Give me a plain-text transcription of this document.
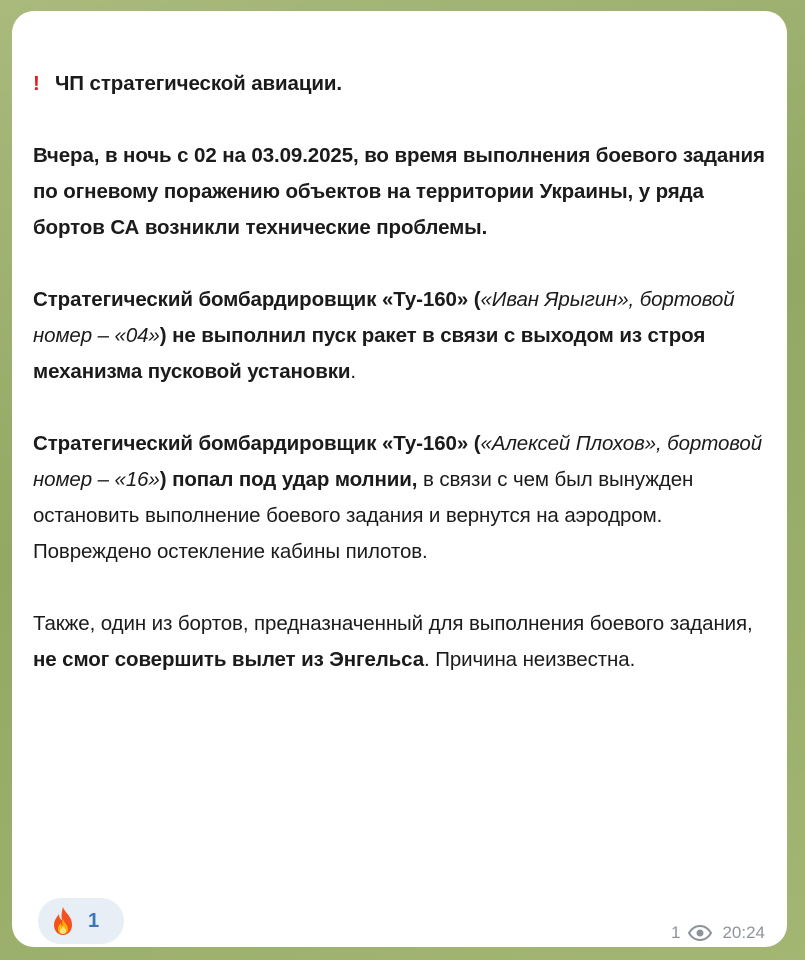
! ЧП стратегической авиации.

Вчера, в ночь с 02 на 03.09.2025, во время выполнения боевого задания по огневому поражению объектов на территории Украины, у ряда бортов СА возникли технические проблемы.

Стратегический бомбардировщик «Ту-160» («Иван Ярыгин», бортовой номер – «04») не выполнил пуск ракет в связи с выходом из строя механизма пусковой установки.

Стратегический бомбардировщик «Ту-160» («Алексей Плохов», бортовой номер – «16») попал под удар молнии, в связи с чем был вынужден остановить выполнение боевого задания и вернутся на аэродром. Повреждено остекление кабины пилотов.

Также, один из бортов, предназначенный для выполнения боевого задания, не смог совершить вылет из Энгельса. Причина неизвестна.

1
1 20:24
